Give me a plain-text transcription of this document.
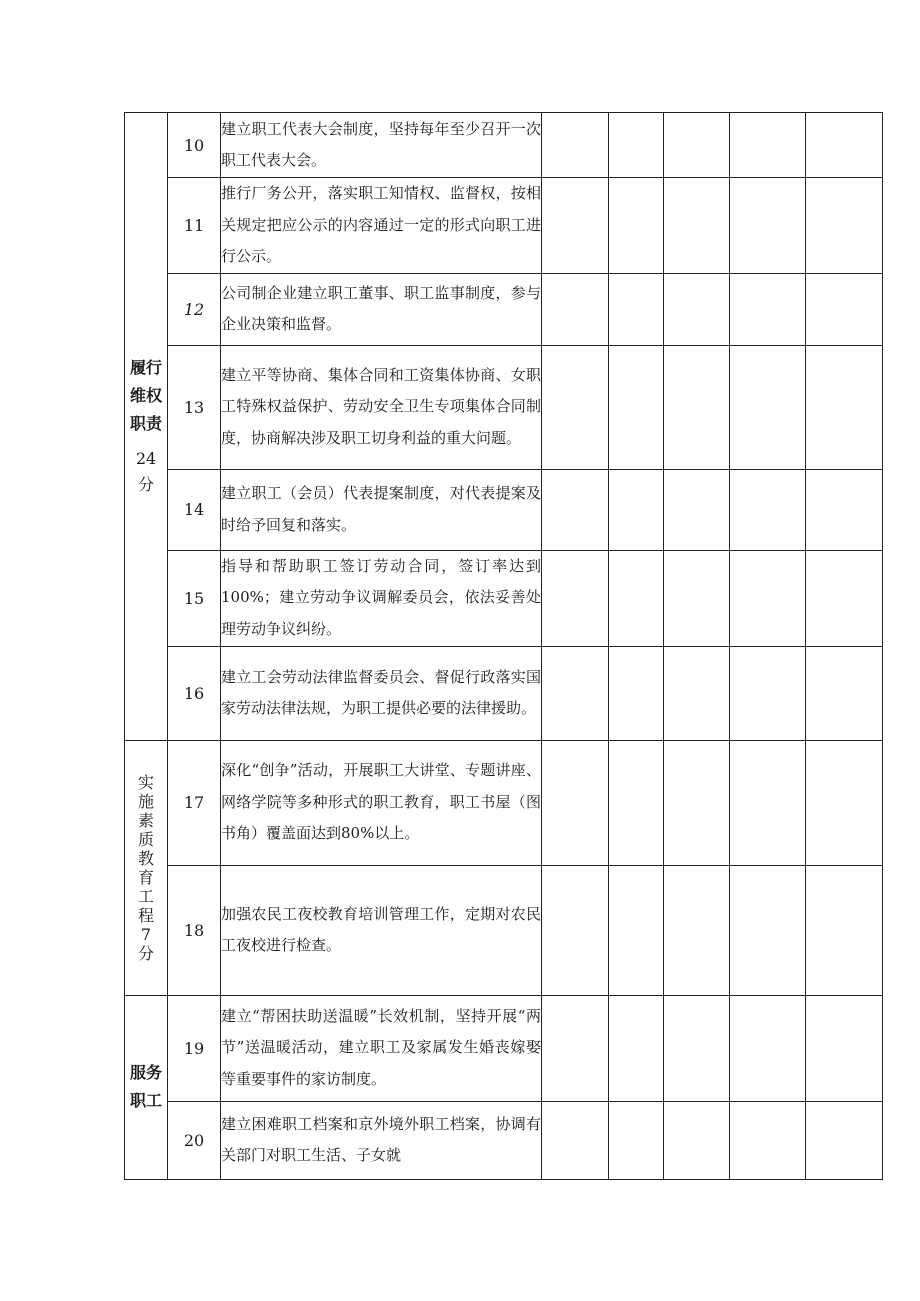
履行维权职责
24
分	10	建立职工代表大会制度，坚持每年至少召开一次职工代表大会。					
	11	推行厂务公开，落实职工知情权、监督权，按相关规定把应公示的内容通过一定的形式向职工进行公示。					
	12	公司制企业建立职工董事、职工监事制度，参与企业决策和监督。					
	13	建立平等协商、集体合同和工资集体协商、女职工特殊权益保护、劳动安全卫生专项集体合同制度，协商解决涉及职工切身利益的重大问题。					
	14	建立职工（会员）代表提案制度，对代表提案及时给予回复和落实。					
	15	指导和帮助职工签订劳动合同，签订率达到100%；建立劳动争议调解委员会，依法妥善处理劳动争议纠纷。					
	16	建立工会劳动法律监督委员会、督促行政落实国家劳动法律法规，为职工提供必要的法律援助。					

实施素质教育工程7分	17	深化“创争”活动，开展职工大讲堂、专题讲座、网络学院等多种形式的职工教育，职工书屋（图书角）覆盖面达到80%以上。					
	18	加强农民工夜校教育培训管理工作，定期对农民工夜校进行检查。					

服务职工	19	建立“帮困扶助送温暖”长效机制，坚持开展“两节”送温暖活动，建立职工及家属发生婚丧嫁娶等重要事件的家访制度。					
	20	建立困难职工档案和京外境外职工档案，协调有关部门对职工生活、子女就					
